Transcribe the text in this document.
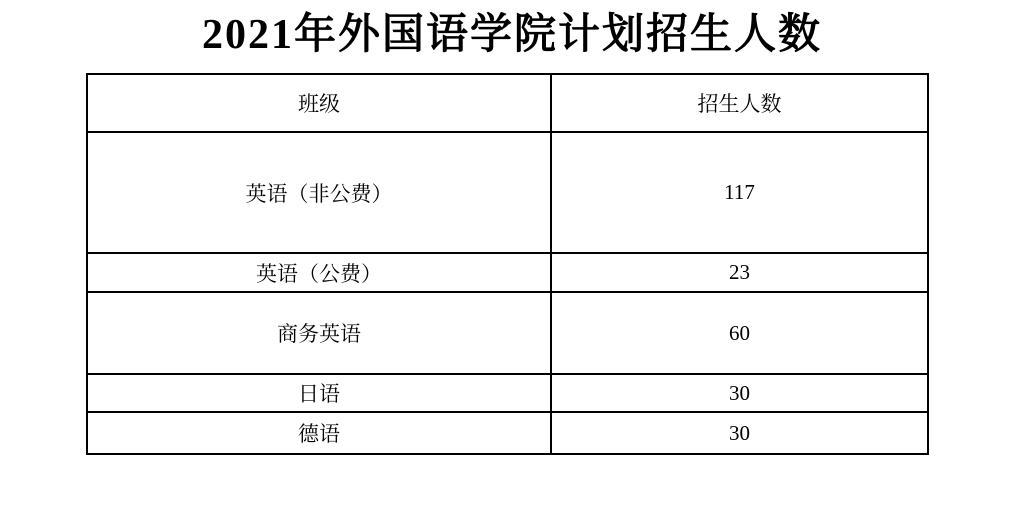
2021年外国语学院计划招生人数
班级	招生人数
英语（非公费）	117
英语（公费）	23
商务英语	60
日语	30
德语	30
